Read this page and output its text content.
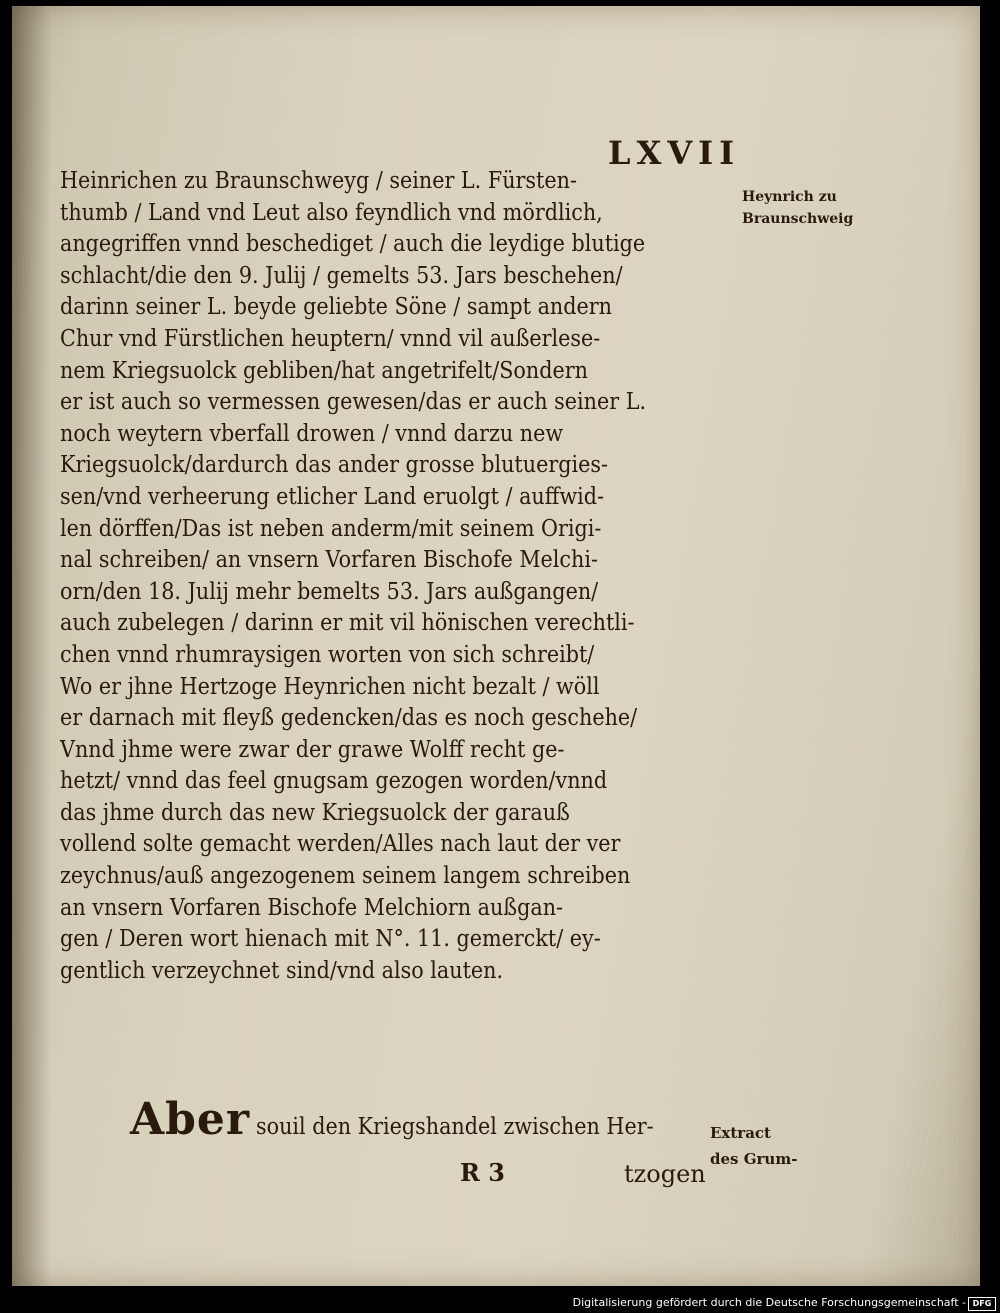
LXVII
Heinrichen zu Braunschweyg / seiner L. Fürsten-
thumb / Land vnd Leut also feyndlich vnd mördlich,
angegriffen vnnd beschediget / auch die leydige blutige
schlacht/die den 9. Julij / gemelts 53. Jars beschehen/
darinn seiner L. beyde geliebte Söne / sampt andern
Chur vnd Fürstlichen heuptern/ vnnd vil außerlese-
nem Kriegsuolck gebliben/hat angetrifelt/Sondern
er ist auch so vermessen gewesen/das er auch seiner L.
noch weytern vberfall drowen / vnnd darzu new
Kriegsuolck/dardurch das ander grosse blutuergies-
sen/vnd verheerung etlicher Land eruolgt / auffwid-
len dörffen/Das ist neben anderm/mit seinem Origi-
nal schreiben/ an vnsern Vorfaren Bischofe Melchi-
orn/den 18. Julij mehr bemelts 53. Jars außgangen/
auch zubelegen / darinn er mit vil hönischen verechtli-
chen vnnd rhumraysigen worten von sich schreibt/
Wo er jhne Hertzoge Heynrichen nicht bezalt / wöll
er darnach mit fleyß gedencken/das es noch geschehe/
Vnnd jhme were zwar der grawe Wolff recht ge-
hetzt/ vnnd das feel gnugsam gezogen worden/vnnd
das jhme durch das new Kriegsuolck der garauß
vollend solte gemacht werden/Alles nach laut der ver
zeychnus/auß angezogenem seinem langem schreiben
an vnsern Vorfaren Bischofe Melchiorn außgan-
gen / Deren wort hienach mit N°. 11. gemerckt/ ey-
gentlich verzeychnet sind/vnd also lauten.
Heynrich zu
Braunschweig
Aber souil den Kriegshandel zwischen Her-	Extract
des Grum-
R 3	tzogen
Digitalisierung gefördert durch die Deutsche Forschungsgemeinschaft - DFG
